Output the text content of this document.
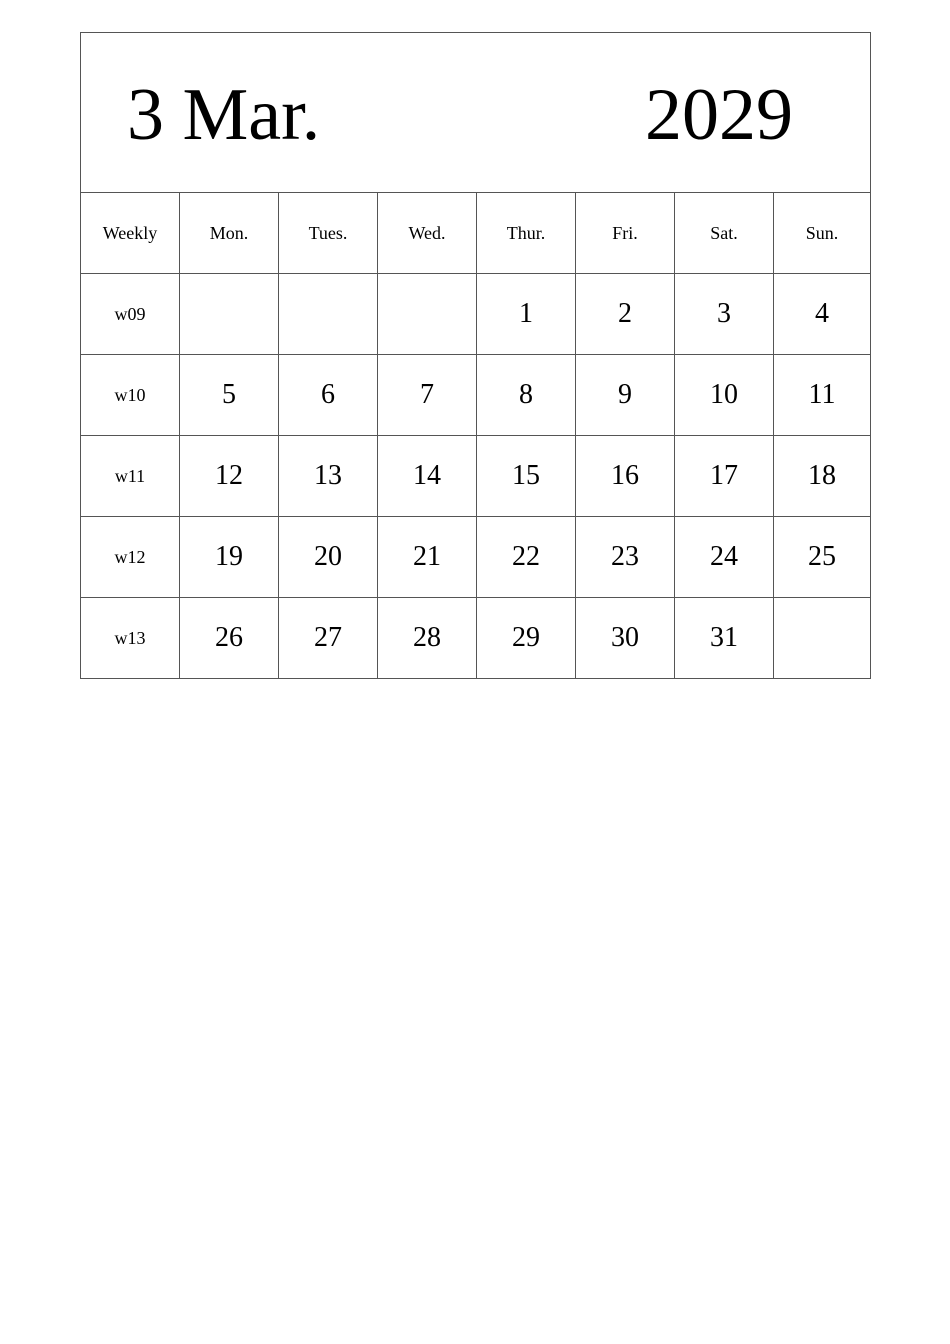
3 Mar. 2029							

Weekly	Mon.	Tues.	Wed.	Thur.	Fri.	Sat.	Sun.
w09				1	2	3	4
w10	5	6	7	8	9	10	11
w11	12	13	14	15	16	17	18
w12	19	20	21	22	23	24	25
w13	26	27	28	29	30	31	
